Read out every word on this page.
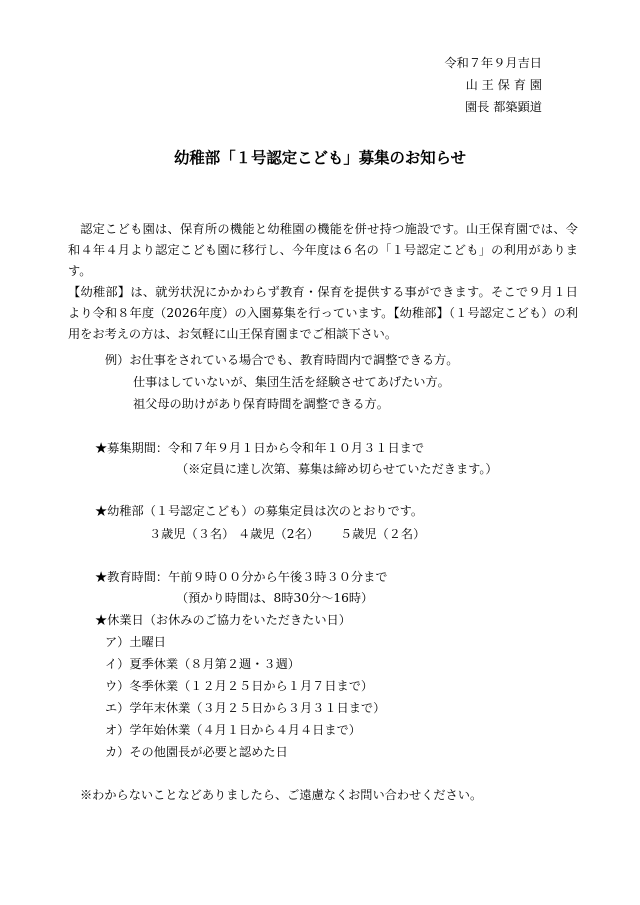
令和７年９月吉日
山 王 保 育 園
園長 都築顕道
幼稚部「１号認定こども」募集のお知らせ

認定こども園は、保育所の機能と幼稚園の機能を併せ持つ施設です。山王保育園では、令和４年４月より認定こども園に移行し、今年度は６名の「１号認定こども」の利用があります。

【幼稚部】は、就労状況にかかわらず教育・保育を提供する事ができます。そこで９月１日より令和８年度（2026年度）の入園募集を行っています。【幼稚部】（１号認定こども）の利用をお考えの方は、お気軽に山王保育園までご相談下さい。

例）お仕事をされている場合でも、教育時間内で調整できる方。
仕事はしていないが、集団生活を経験させてあげたい方。
祖父母の助けがあり保育時間を調整できる方。
★募集期間：令和７年９月１日から令和年１０月３１日まで
（※定員に達し次第、募集は締め切らせていただきます。）
★幼稚部（１号認定こども）の募集定員は次のとおりです。
３歳児（３名） ４歳児（2名） ５歳児（２名）
★教育時間：午前９時００分から午後３時３０分まで
（預かり時間は、8時30分〜16時）
★休業日（お休みのご協力をいただきたい日）
ア）土曜日
イ）夏季休業（８月第２週・３週）
ウ）冬季休業（１２月２５日から１月７日まで）
エ）学年末休業（３月２５日から３月３１日まで）
オ）学年始休業（４月１日から４月４日まで）
カ）その他園長が必要と認めた日
※わからないことなどありましたら、ご遠慮なくお問い合わせください。
